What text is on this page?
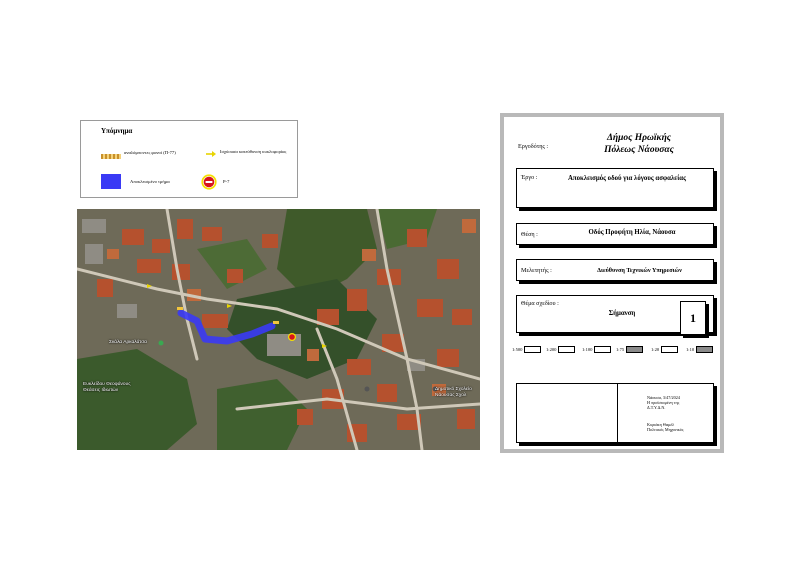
Υπόμνημα
αναλάμποντες φανοί (Π-77)	Ισχύουσα κατεύθυνση κυκλοφορίας
Αποκλεισμένο τμήμα	Ρ-7
Σκάλα Αρκαλάτσα
Ευκλείδου Θεοφάνους Θεάσεις Ιδιωτών	Δημοτικό Σχολείο Νάουσας Σχολ
Δήμος Ηρωϊκής
Πόλεως Νάουσας
Εργοδότης :
Έργο :	Αποκλεισμός οδού για λόγους ασφαλείας
Θέση :	Οδός Προφήτη Ηλία, Νάουσα
Μελετητής :	Διεύθυνση Τεχνικών Υπηρεσιών
Θέμα σχεδίου :
Σήμανση	1
1:500	1:200	1:100	1:75	1:20	1:10
Νάουσα, 3/47/2024
Η προϊσταμένη της
Δ.Τ.Υ.Δ.Ν.
Κυριάκη Θαμέλ
Πολιτικός Μηχανικός
